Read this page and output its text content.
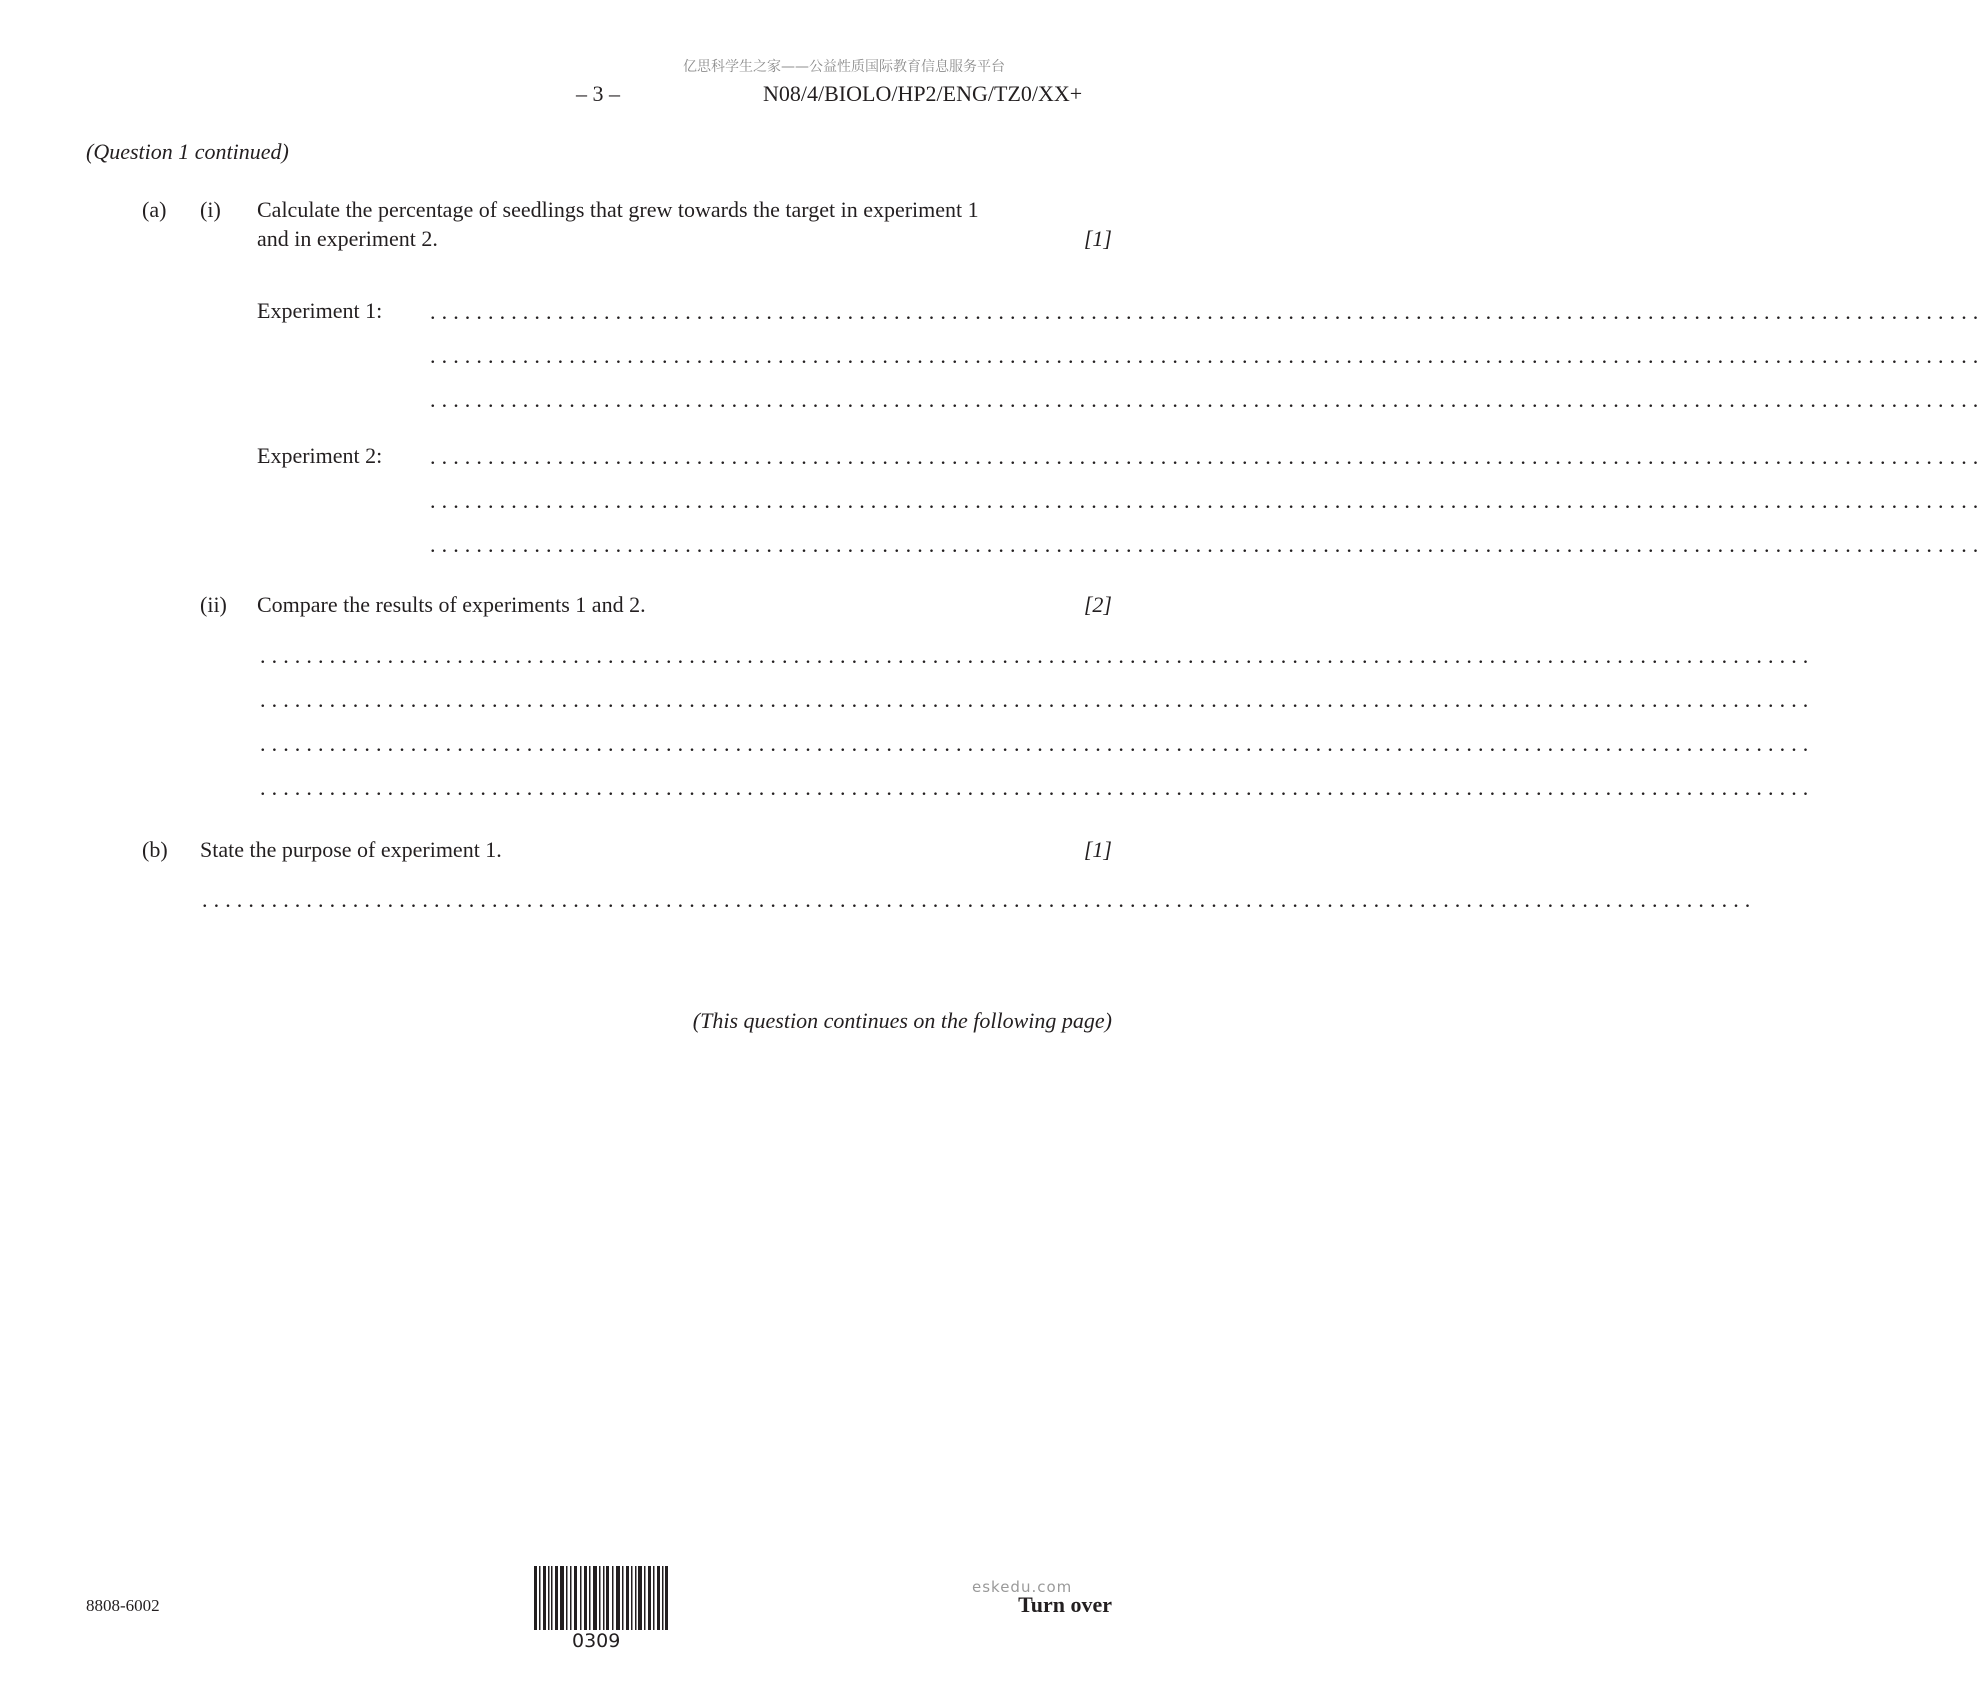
亿思科学生之家——公益性质国际教育信息服务平台
– 3 –	N08/4/BIOLO/HP2/ENG/TZ0/XX+
(Question 1 continued)
(a) (i) Calculate the percentage of seedlings that grew towards the target in experiment 1
and in experiment 2.	[1]
Experiment 1: ......................................................................................................................................
......................................................................................................................................
......................................................................................................................................
Experiment 2: ......................................................................................................................................
......................................................................................................................................
......................................................................................................................................
(ii) Compare the results of experiments 1 and 2.	[2]
......................................................................................................................................
......................................................................................................................................
......................................................................................................................................
......................................................................................................................................
(b) State the purpose of experiment 1.	[1]
......................................................................................................................................
(This question continues on the following page)
8808-6002
0309
eskedu.com
Turn over
